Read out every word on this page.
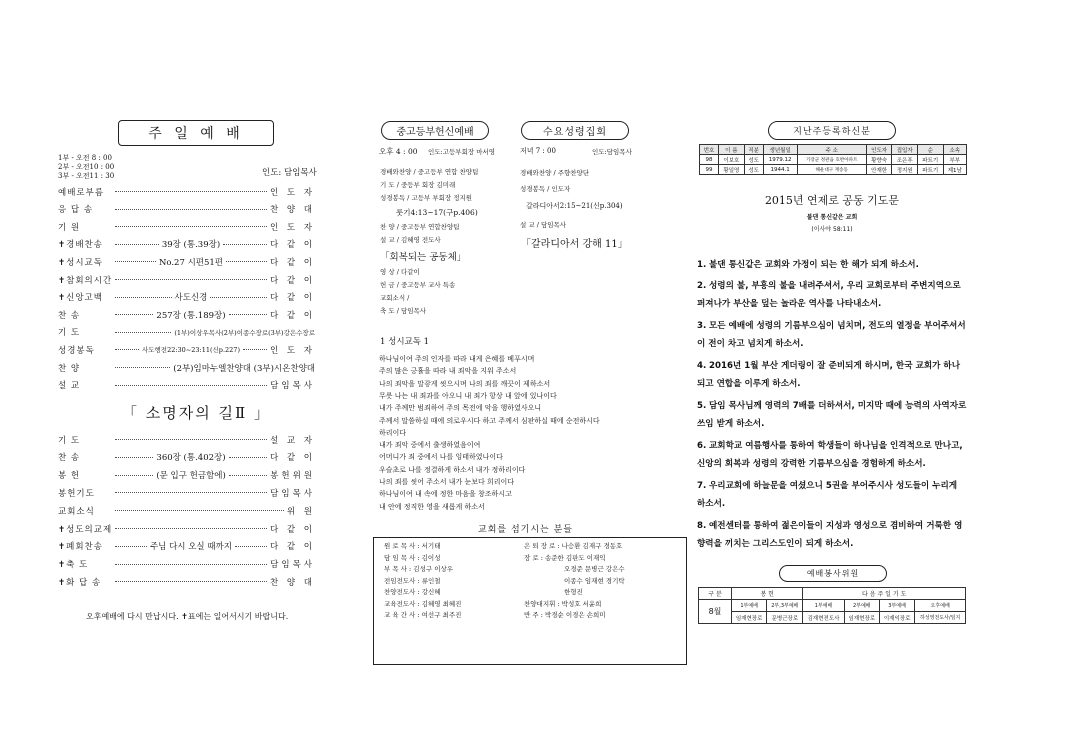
주 일 예 배
1부 - 오전 8 : 00
2부 - 오전10 : 00
3부 - 오전11 : 30	인도: 담임목사
예배로부름	인 도 자
응 답 송	찬 양 대
기 원	인 도 자
✝경배찬송	39장 (통.39장)	다 같 이
✝성시교독	No.27 시편51편	다 같 이
✝참회의시간	다 같 이
✝신앙고백	사도신경	다 같 이
찬 송	257장 (통.189장)	다 같 이
기 도	(1부)이상우목사(2부)이종수장로(3부)강은수장로
성경봉독	사도행전22:30~23:11(신p.227)	인 도 자
찬 양	(2부)임마누엘찬양대 (3부)시온찬양대
설 교	담임목사
「 소명자의 길Ⅱ 」
기 도	설 교 자
찬 송	360장 (통.402장)	다 같 이
봉 헌	(문 입구 헌금함에)	봉헌위원
봉헌기도	담임목사
교회소식	위 원
✝성도의교제	다 같 이
✝폐회찬송	주님 다시 오실 때까지	다 같 이
✝축 도	담임목사
✝화 답 송	찬 양 대
오후예배에 다시 만납시다. ✝표에는 일어서시기 바랍니다.
중고등부헌신예배	수요성령집회
오후 4 : 00 인도:고등부회장 마서영
경배와찬양 / 중고등부 연합 찬양팀
기 도 / 중등부 회장 김미래
성경봉독 / 고등부 부회장 정지원
룻기4:13~17(구p.406)
찬 양 / 중고등부 연합찬양팀
설 교 / 김혜영 전도사
「회복되는 공동체」
영 상 / 다같이
헌 금 / 중고등부 교사 특송
교회소식 /
축 도 / 담임목사
저녁 7 : 00	인도:담임목사
경배와찬양 / 주향찬양단
성경봉독 / 인도자
갈라디아서2:15~21(신p.304)
설 교 / 담임목사
「갈라디아서 강해 11」
1 성시교독 1
하나님이여 주의 인자를 따라 내게 은혜를 베푸시며
주의 많은 긍휼을 따라 내 죄악을 지워 주소서
나의 죄악을 말갛게 씻으시며 나의 죄를 깨끗이 제하소서
무릇 나는 내 죄과를 아오니 내 죄가 항상 내 앞에 있나이다
내가 주께만 범죄하여 주의 목전에 악을 행하였사오니
주께서 말씀하실 때에 의로우시다 하고 주께서 심판하실 때에 순전하시다
하리이다
내가 죄악 중에서 출생하였음이여
어머니가 죄 중에서 나를 잉태하였나이다
우슬초로 나를 정결하게 하소서 내가 정하리이다
나의 죄를 씻어 주소서 내가 눈보다 희리이다
하나님이여 내 속에 정한 마음을 창조하시고
내 안에 정직한 영을 새롭게 하소서
교회를 섬기시는 분들
원 로 목 사 : 서기태
담 임 목 사 : 김이성
부 목 사 : 김성구 이상우
전임전도사 : 류인철
찬양전도사 : 강신혜
교육전도사 : 김혜영 최혜진
교 육 간 사 : 여선구 최주진
은 퇴 장 로 : 나승환 김재구 경동호
장 로 : 송준한 김판도 이재익
오경준 문병근 강은수
이종수 임재현 경기탁
한형진
찬양대지휘 : 박성호 서윤희
반 주 : 박경순 이경은 손희미
지난주등록하신분
번호	이 름	직분	생년월일	주 소	인도자	집입자	순	소속
98	이보호	성도	1979.12	기장군 정관읍 호반아파트	황향숙	조은푸	파트기	부부
99	황일영	성도	1944.1	해운대구 재송동	안재한	정지원	파트기	제1남
2015년 연제로 공동 기도문
불댄 통신같은 교회
(이사야 58:11)
1. 불댄 통신같은 교회와 가정이 되는 한 해가 되게 하소서.
2. 성령의 불, 부흥의 불을 내려주셔서, 우리 교회로부터 주변지역으로 퍼져나가 부산을 덮는 놀라운 역사를 나타내소서.
3. 모든 예배에 성령의 기름부으심이 넘치며, 전도의 열정을 부어주셔서 이 전이 차고 넘치게 하소서.
4. 2016년 1월 부산 게더링이 잘 준비되게 하시며, 한국 교회가 하나되고 연합을 이루게 하소서.
5. 담임 목사님께 영력의 7배를 더하셔서, 미지막 때에 능력의 사역자로 쓰임 받게 하소서.
6. 교회학교 여름행사를 통하여 학생들이 하나님을 인격적으로 만나고, 신앙의 회복과 성령의 강력한 기름부으심을 경험하게 하소서.
7. 우리교회에 하늘문을 여셨으니 5권을 부어주시사 성도들이 누리게 하소서.
8. 예전센터를 통하여 젊은이들이 지성과 영성으로 겸비하여 거룩한 영향력을 끼치는 그리스도인이 되게 하소서.
예배봉사위원
구 분	봉 헌		다 음 주 일 기 도			
8월	1부예배	2부,3부예배	1부예배	2부예배	3부예배	오후예배
	임재현장로	문병근장로	김재현전도사	임재현장로	이재익장로	하성영전도사/임지
